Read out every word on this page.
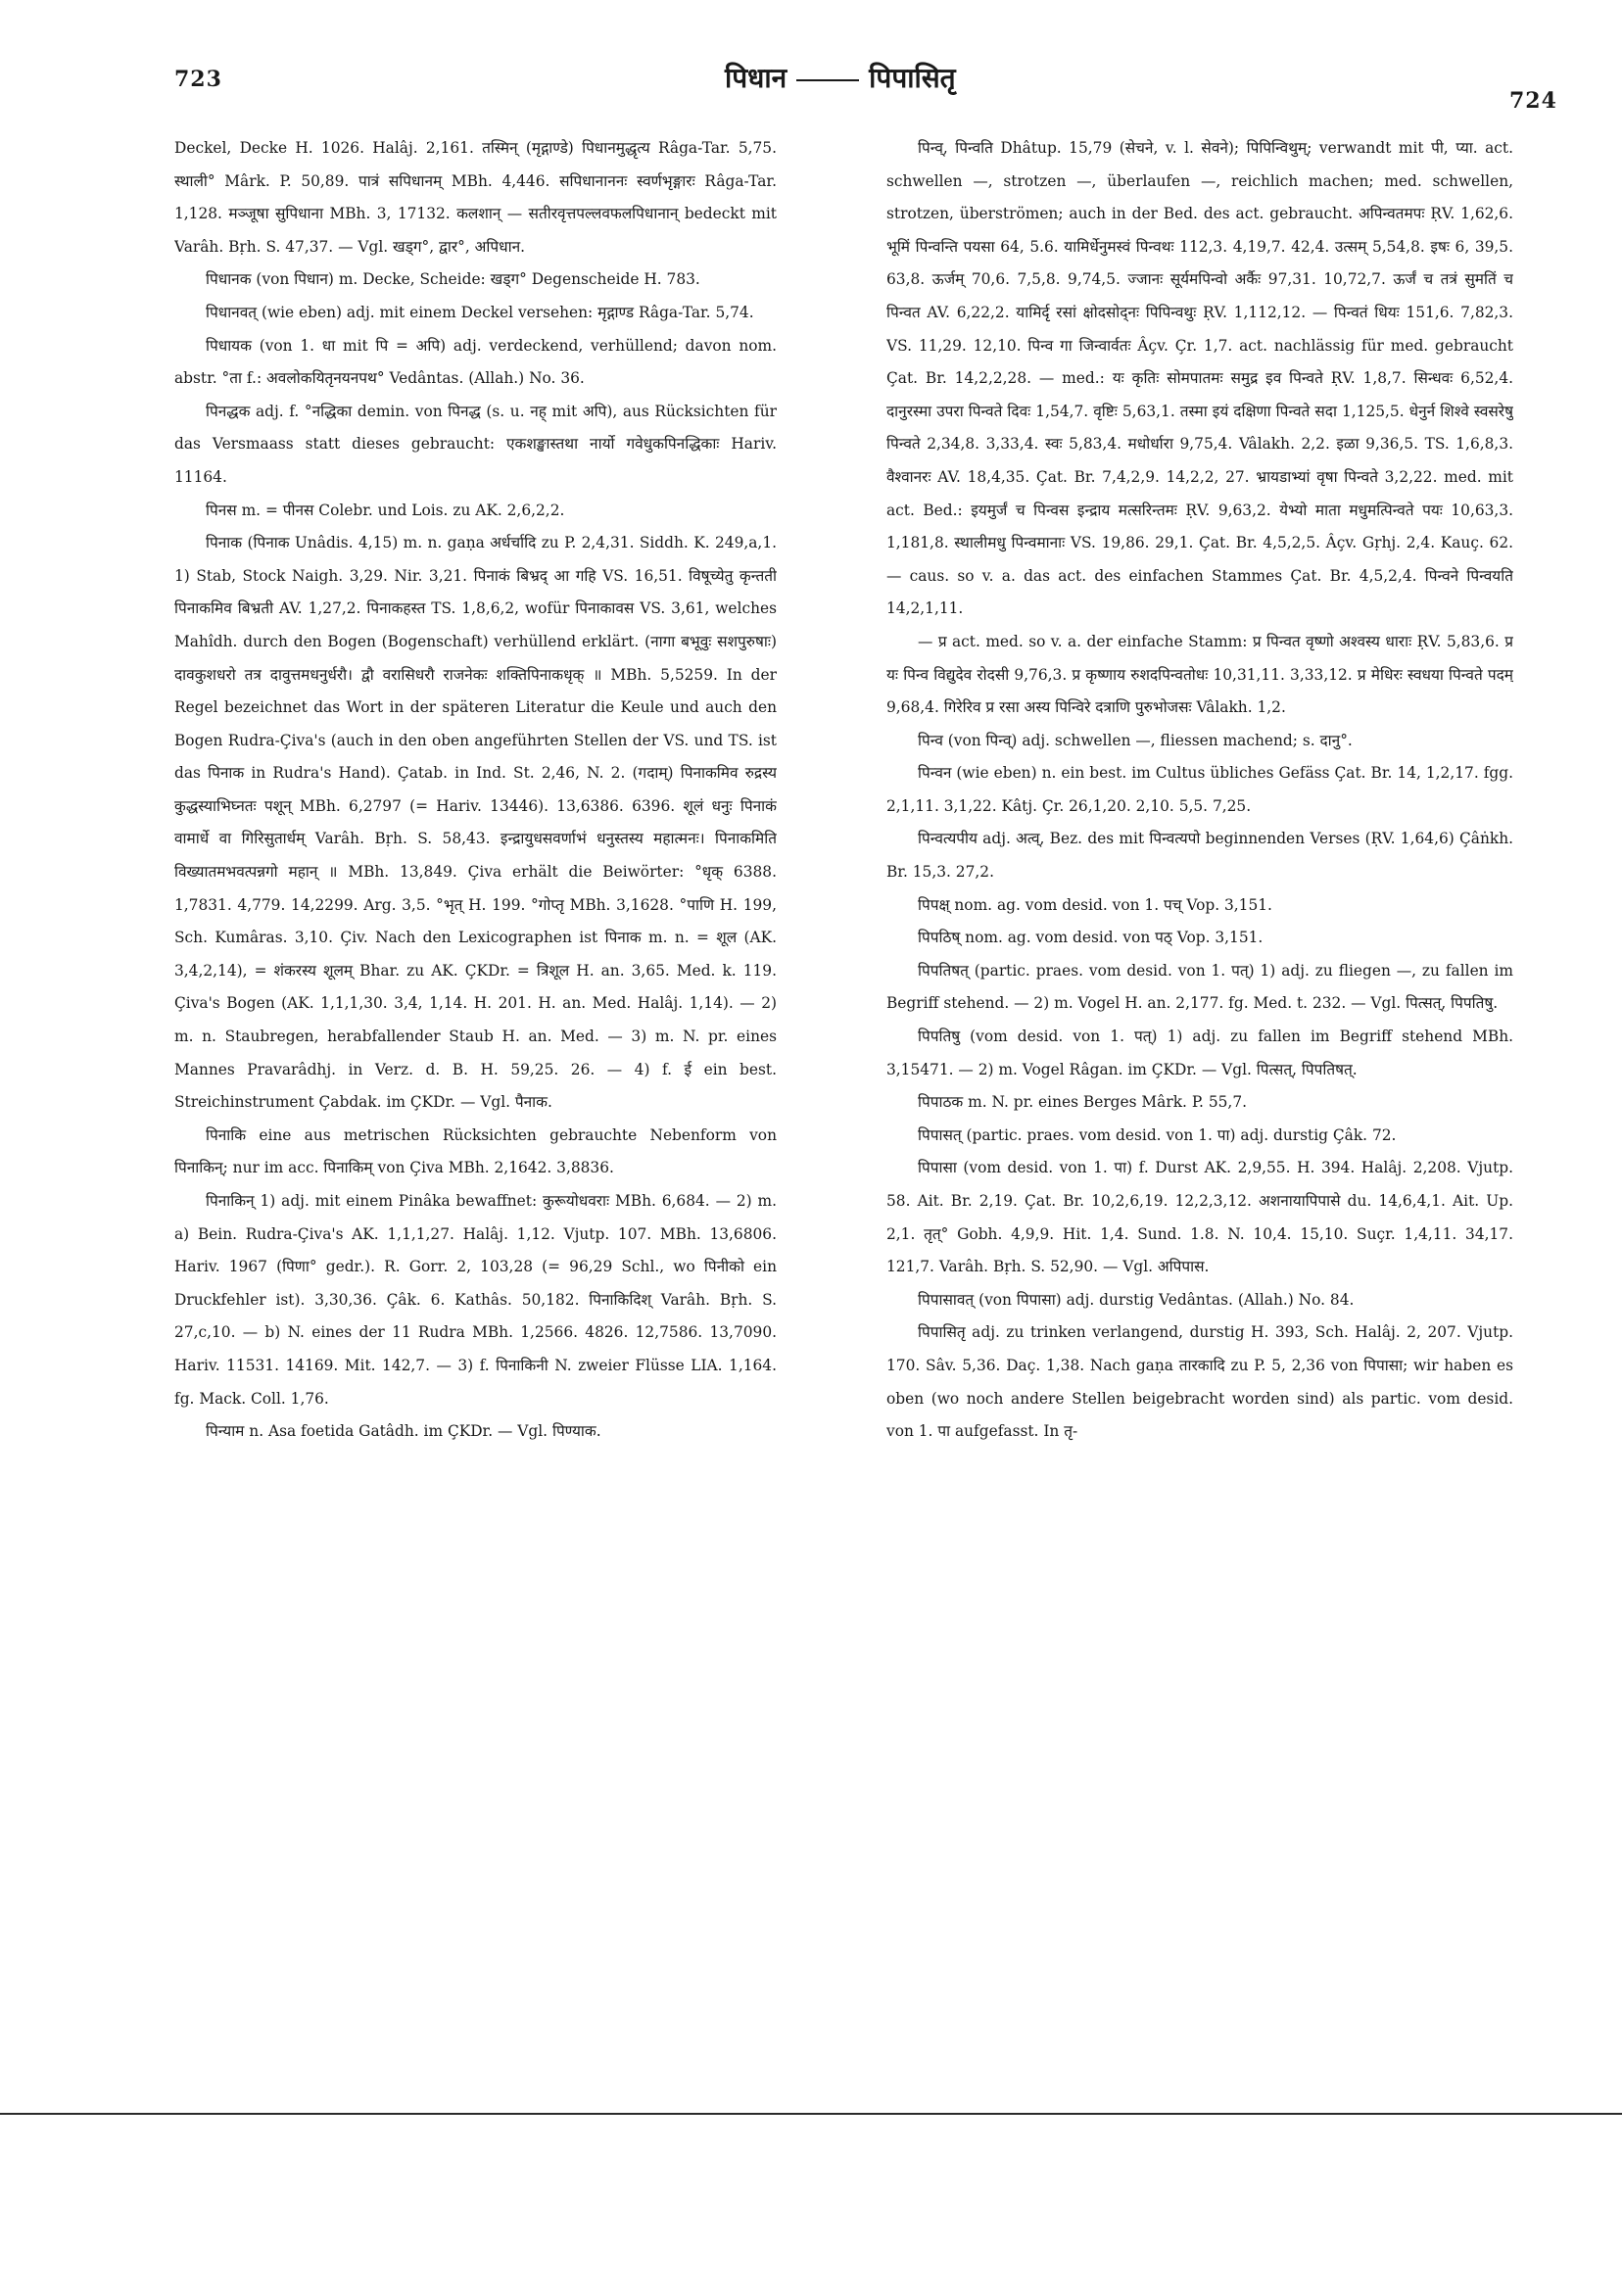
723	पिधान	पिपासितृ
724

Deckel, Decke H. 1026. Halâj. 2,161. तस्मिन् (मृद्गाण्डे) पिधानमुद्धृत्य Râga-Tar. 5,75. स्थाली° Mârk. P. 50,89. पात्रं सपिधानम् MBh. 4,446. सपिधानाननः स्वर्णभृङ्गारः Râga-Tar. 1,128. मञ्जूषा सुपिधाना MBh. 3, 17132. कलशान् — सतीरवृत्तपल्लवफलपिधानान् bedeckt mit Varâh. Bṛh. S. 47,37. — Vgl. खड्ग°, द्वार°, अपिधान.

पिधानक (von पिधान) m. Decke, Scheide: खड्ग° Degenscheide H. 783.

पिधानवत् (wie eben) adj. mit einem Deckel versehen: मृद्गाण्ड Râga-Tar. 5,74.

पिधायक (von 1. धा mit पि = अपि) adj. verdeckend, verhüllend; davon nom. abstr. °ता f.: अवलोकयितृनयनपथ° Vedântas. (Allah.) No. 36.

पिनद्धक adj. f. °नद्धिका demin. von पिनद्ध (s. u. नह् mit अपि), aus Rücksichten für das Versmaass statt dieses gebraucht: एकशङ्खास्तथा नार्यो गवेधुकपिनद्धिकाः Hariv. 11164.

पिनस m. = पीनस Colebr. und Lois. zu AK. 2,6,2,2.

पिनाक (पिनाक Unâdis. 4,15) m. n. gaṇa अर्धर्चादि zu P. 2,4,31. Siddh. K. 249,a,1. 1) Stab, Stock Naigh. 3,29. Nir. 3,21. पिनाकं बिभ्रद् आ गहि VS. 16,51. विषूच्येतु कृन्तती पिनाकमिव बिभ्रती AV. 1,27,2. पिनाकहस्त TS. 1,8,6,2, wofür पिनाकावस VS. 3,61, welches Mahîdh. durch den Bogen (Bogenschaft) verhüllend erklärt. (नागा बभूवुः सशपुरुषाः) दावकुशधरो तत्र दावुत्तमधनुर्धरौ। द्वौ वरासिधरौ राजनेकः शक्तिपिनाकधृक् ॥ MBh. 5,5259. In der Regel bezeichnet das Wort in der späteren Literatur die Keule und auch den Bogen Rudra-Çiva's (auch in den oben angeführten Stellen der VS. und TS. ist das पिनाक in Rudra's Hand). Çatab. in Ind. St. 2,46, N. 2. (गदाम्) पिनाकमिव रुद्रस्य कुद्धस्याभिघ्नतः पशून् MBh. 6,2797 (= Hariv. 13446). 13,6386. 6396. शूलं धनुः पिनाकं वामार्धे वा गिरिसुतार्धम् Varâh. Bṛh. S. 58,43. इन्द्रायुधसवर्णाभं धनुस्तस्य महात्मनः। पिनाकमिति विख्यातमभवत्पन्नगो महान् ॥ MBh. 13,849. Çiva erhält die Beiwörter: °धृक् 6388. 1,7831. 4,779. 14,2299. Arg. 3,5. °भृत् H. 199. °गोप्तृ MBh. 3,1628. °पाणि H. 199, Sch. Kumâras. 3,10. Çiv. Nach den Lexicographen ist पिनाक m. n. = शूल (AK. 3,4,2,14), = शंकरस्य शूलम् Bhar. zu AK. ÇKDr. = त्रिशूल H. an. 3,65. Med. k. 119. Çiva's Bogen (AK. 1,1,1,30. 3,4, 1,14. H. 201. H. an. Med. Halâj. 1,14). — 2) m. n. Staubregen, herabfallender Staub H. an. Med. — 3) m. N. pr. eines Mannes Pravarâdhj. in Verz. d. B. H. 59,25. 26. — 4) f. ई ein best. Streichinstrument Çabdak. im ÇKDr. — Vgl. पैनाक.

पिनाकि eine aus metrischen Rücksichten gebrauchte Nebenform von पिनाकिन्; nur im acc. पिनाकिम् von Çiva MBh. 2,1642. 3,8836.

पिनाकिन् 1) adj. mit einem Pinâka bewaffnet: कुरूयोधवराः MBh. 6,684. — 2) m. a) Bein. Rudra-Çiva's AK. 1,1,1,27. Halâj. 1,12. Vjutp. 107. MBh. 13,6806. Hariv. 1967 (पिणा° gedr.). R. Gorr. 2, 103,28 (= 96,29 Schl., wo पिनीको ein Druckfehler ist). 3,30,36. Çâk. 6. Kathâs. 50,182. पिनाकिदिश् Varâh. Bṛh. S. 27,c,10. — b) N. eines der 11 Rudra MBh. 1,2566. 4826. 12,7586. 13,7090. Hariv. 11531. 14169. Mit. 142,7. — 3) f. पिनाकिनी N. zweier Flüsse LIA. 1,164. fg. Mack. Coll. 1,76.

पिन्याम n. Asa foetida Gatâdh. im ÇKDr. — Vgl. पिण्याक.

पिन्व्, पिन्वति Dhâtup. 15,79 (सेचने, v. l. सेवने); पिपिन्विथुम्; verwandt mit पी, प्या. act. schwellen —, strotzen —, überlaufen —, reichlich machen; med. schwellen, strotzen, überströmen; auch in der Bed. des act. gebraucht. अपिन्वतमपः ṚV. 1,62,6. भूमिं पिन्वन्ति पयसा 64, 5.6. यामिर्धेनुमस्वं पिन्वथः 112,3. 4,19,7. 42,4. उत्सम् 5,54,8. इषः 6, 39,5. 63,8. ऊर्जम् 70,6. 7,5,8. 9,74,5. ज्जानः सूर्यमपिन्वो अर्कैः 97,31. 10,72,7. ऊर्जं च तत्रं सुमतिं च पिन्वत AV. 6,22,2. यामिर्दृ रसां क्षोदसोद्नः पिपिन्वथुः ṚV. 1,112,12. — पिन्वतं धियः 151,6. 7,82,3. VS. 11,29. 12,10. पिन्व गा जिन्वार्वतः Âçv. Çr. 1,7. act. nachlässig für med. gebraucht Çat. Br. 14,2,2,28. — med.: यः कृतिः सोमपातमः समुद्र इव पिन्वते ṚV. 1,8,7. सिन्धवः 6,52,4. दानुरस्मा उपरा पिन्वते दिवः 1,54,7. वृष्टिः 5,63,1. तस्मा इयं दक्षिणा पिन्वते सदा 1,125,5. धेनुर्न शिश्वे स्वसरेषु पिन्वते 2,34,8. 3,33,4. स्वः 5,83,4. मधोर्धारा 9,75,4. Vâlakh. 2,2. इळा 9,36,5. TS. 1,6,8,3. वैश्वानरः AV. 18,4,35. Çat. Br. 7,4,2,9. 14,2,2, 27. भ्रायडाभ्यां वृषा पिन्वते 3,2,22. med. mit act. Bed.: इयमुर्जं च पिन्वस इन्द्राय मत्सरिन्तमः ṚV. 9,63,2. येभ्यो माता मधुमत्पिन्वते पयः 10,63,3. 1,181,8. स्थालीमधु पिन्वमानाः VS. 19,86. 29,1. Çat. Br. 4,5,2,5. Âçv. Gṛhj. 2,4. Kauç. 62. — caus. so v. a. das act. des einfachen Stammes Çat. Br. 4,5,2,4. पिन्वने पिन्वयति 14,2,1,11.

— प्र act. med. so v. a. der einfache Stamm: प्र पिन्वत वृष्णो अश्वस्य धाराः ṚV. 5,83,6. प्र यः पिन्व विद्युदेव रोदसी 9,76,3. प्र कृष्णाय रुशदपिन्वतोधः 10,31,11. 3,33,12. प्र मेधिरः स्वधया पिन्वते पदम् 9,68,4. गिरेरिव प्र रसा अस्य पिन्विरे दत्राणि पुरुभोजसः Vâlakh. 1,2.

पिन्व (von पिन्व्) adj. schwellen —, fliessen machend; s. दानु°.

पिन्वन (wie eben) n. ein best. im Cultus übliches Gefäss Çat. Br. 14, 1,2,17. fgg. 2,1,11. 3,1,22. Kâtj. Çr. 26,1,20. 2,10. 5,5. 7,25.

पिन्वत्यपीय adj. अत्व्, Bez. des mit पिन्वत्यपो beginnenden Verses (ṚV. 1,64,6) Çâṅkh. Br. 15,3. 27,2.

पिपक्ष् nom. ag. vom desid. von 1. पच् Vop. 3,151.

पिपठिष् nom. ag. vom desid. von पठ् Vop. 3,151.

पिपतिषत् (partic. praes. vom desid. von 1. पत्) 1) adj. zu fliegen —, zu fallen im Begriff stehend. — 2) m. Vogel H. an. 2,177. fg. Med. t. 232. — Vgl. पित्सत्, पिपतिषु.

पिपतिषु (vom desid. von 1. पत्) 1) adj. zu fallen im Begriff stehend MBh. 3,15471. — 2) m. Vogel Râgan. im ÇKDr. — Vgl. पित्सत्, पिपतिषत्.

पिपाठक m. N. pr. eines Berges Mârk. P. 55,7.

पिपासत् (partic. praes. vom desid. von 1. पा) adj. durstig Çâk. 72.

पिपासा (vom desid. von 1. पा) f. Durst AK. 2,9,55. H. 394. Halâj. 2,208. Vjutp. 58. Ait. Br. 2,19. Çat. Br. 10,2,6,19. 12,2,3,12. अशनायापिपासे du. 14,6,4,1. Ait. Up. 2,1. तृत्° Gobh. 4,9,9. Hit. 1,4. Sund. 1.8. N. 10,4. 15,10. Suçr. 1,4,11. 34,17. 121,7. Varâh. Bṛh. S. 52,90. — Vgl. अपिपास.

पिपासावत् (von पिपासा) adj. durstig Vedântas. (Allah.) No. 84.

पिपासितृ adj. zu trinken verlangend, durstig H. 393, Sch. Halâj. 2, 207. Vjutp. 170. Sâv. 5,36. Daç. 1,38. Nach gaṇa तारकादि zu P. 5, 2,36 von पिपासा; wir haben es oben (wo noch andere Stellen beigebracht worden sind) als partic. vom desid. von 1. पा aufgefasst. In तृ-
